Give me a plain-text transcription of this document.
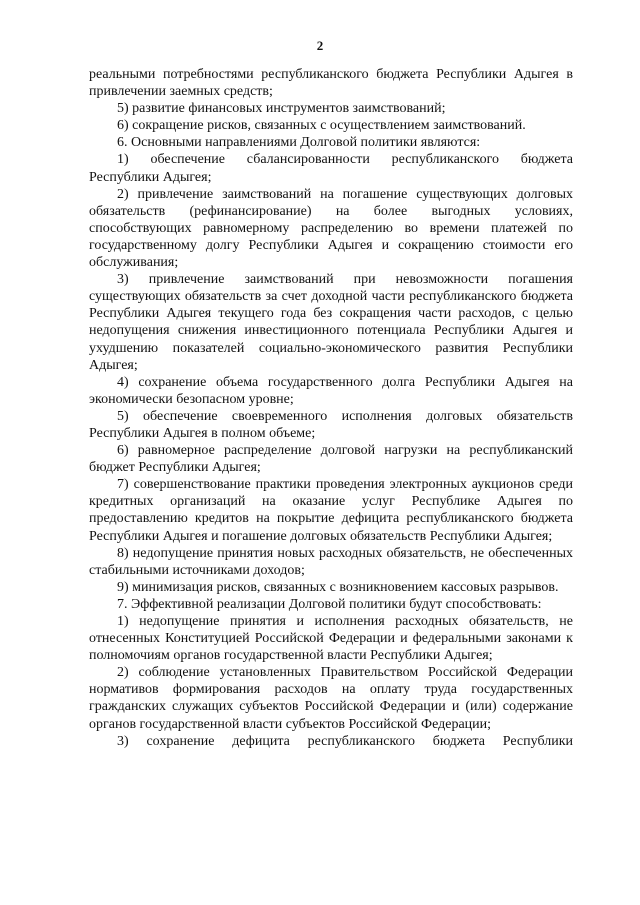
2

реальными потребностями республиканского бюджета Республики Адыгея в привлечении заемных средств;

5) развитие финансовых инструментов заимствований;

6) сокращение рисков, связанных с осуществлением заимствований.

6. Основными направлениями Долговой политики являются:

1) обеспечение сбалансированности республиканского бюджета Республики Адыгея;

2) привлечение заимствований на погашение существующих долговых обязательств (рефинансирование) на более выгодных условиях, способствующих равномерному распределению во времени платежей по государственному долгу Республики Адыгея и сокращению стоимости его обслуживания;

3) привлечение заимствований при невозможности погашения существующих обязательств за счет доходной части республиканского бюджета Республики Адыгея текущего года без сокращения части расходов, с целью недопущения снижения инвестиционного потенциала Республики Адыгея и ухудшению показателей социально-экономического развития Республики Адыгея;

4) сохранение объема государственного долга Республики Адыгея на экономически безопасном уровне;

5) обеспечение своевременного исполнения долговых обязательств Республики Адыгея в полном объеме;

6) равномерное распределение долговой нагрузки на республиканский бюджет Республики Адыгея;

7) совершенствование практики проведения электронных аукционов среди кредитных организаций на оказание услуг Республике Адыгея по предоставлению кредитов на покрытие дефицита республиканского бюджета Республики Адыгея и погашение долговых обязательств Республики Адыгея;

8) недопущение принятия новых расходных обязательств, не обеспеченных стабильными источниками доходов;

9) минимизация рисков, связанных с возникновением кассовых разрывов.

7. Эффективной реализации Долговой политики будут способствовать:

1) недопущение принятия и исполнения расходных обязательств, не отнесенных Конституцией Российской Федерации и федеральными законами к полномочиям органов государственной власти Республики Адыгея;

2) соблюдение установленных Правительством Российской Федерации нормативов формирования расходов на оплату труда государственных гражданских служащих субъектов Российской Федерации и (или) содержание органов государственной власти субъектов Российской Федерации;

3) сохранение дефицита республиканского бюджета Республики
